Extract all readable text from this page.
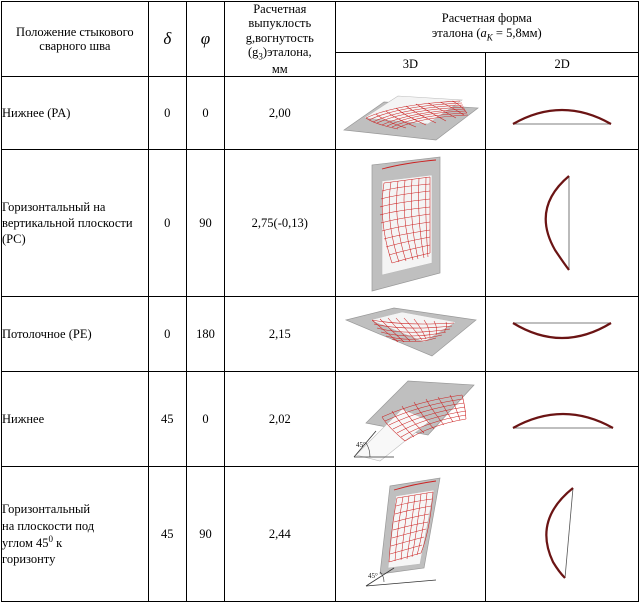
Положение стыкового сварного шва	δ	φ	Расчетная
выпуклость
g,вогнутость
$(g_3)эталона$,
мм	Расчетная форма
эталона $(a_K = 5,8мм)$	
				3D	2D
Нижнее (PA)	0	0	2,00	

Горизонтальный на вертикальной плоскости (PC)	0	90	2,75(-0,13)	

Потолочное (PE)	0	180	2,15	

Нижнее	45	0	2,02	45°

Горизонтальный
на плоскости под
углом $45^0$ к
горизонту	45	90	2,44	45°
